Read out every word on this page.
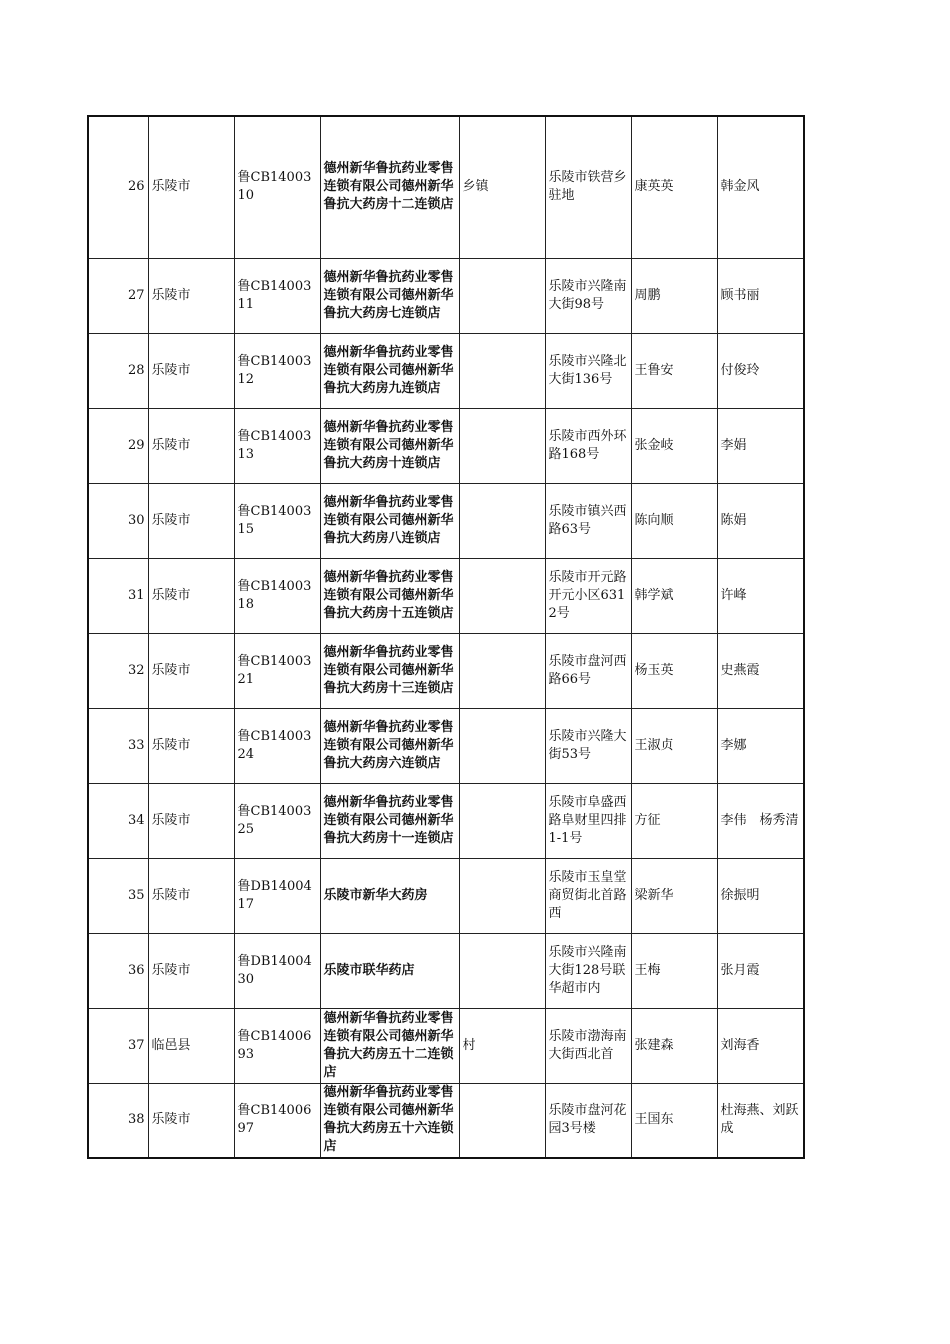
26	乐陵市	鲁CB1400310	德州新华鲁抗药业零售连锁有限公司德州新华鲁抗大药房十二连锁店	乡镇	乐陵市铁营乡驻地	康英英	韩金风
27	乐陵市	鲁CB1400311	德州新华鲁抗药业零售连锁有限公司德州新华鲁抗大药房七连锁店		乐陵市兴隆南大街98号	周鹏	顾书丽
28	乐陵市	鲁CB1400312	德州新华鲁抗药业零售连锁有限公司德州新华鲁抗大药房九连锁店		乐陵市兴隆北大街136号	王鲁安	付俊玲
29	乐陵市	鲁CB1400313	德州新华鲁抗药业零售连锁有限公司德州新华鲁抗大药房十连锁店		乐陵市西外环路168号	张金岐	李娟
30	乐陵市	鲁CB1400315	德州新华鲁抗药业零售连锁有限公司德州新华鲁抗大药房八连锁店		乐陵市镇兴西路63号	陈向顺	陈娟
31	乐陵市	鲁CB1400318	德州新华鲁抗药业零售连锁有限公司德州新华鲁抗大药房十五连锁店		乐陵市开元路开元小区6312号	韩学斌	许峰
32	乐陵市	鲁CB1400321	德州新华鲁抗药业零售连锁有限公司德州新华鲁抗大药房十三连锁店		乐陵市盘河西路66号	杨玉英	史燕霞
33	乐陵市	鲁CB1400324	德州新华鲁抗药业零售连锁有限公司德州新华鲁抗大药房六连锁店		乐陵市兴隆大街53号	王淑贞	李娜
34	乐陵市	鲁CB1400325	德州新华鲁抗药业零售连锁有限公司德州新华鲁抗大药房十一连锁店		乐陵市阜盛西路阜财里四排1-1号	方征	李伟　杨秀清
35	乐陵市	鲁DB1400417	乐陵市新华大药房		乐陵市玉皇堂商贸街北首路西	梁新华	徐振明
36	乐陵市	鲁DB1400430	乐陵市联华药店		乐陵市兴隆南大街128号联华超市内	王梅	张月霞
37	临邑县	鲁CB1400693	德州新华鲁抗药业零售连锁有限公司德州新华鲁抗大药房五十二连锁店	村	乐陵市渤海南大街西北首	张建森	刘海香
38	乐陵市	鲁CB1400697	德州新华鲁抗药业零售连锁有限公司德州新华鲁抗大药房五十六连锁店		乐陵市盘河花园3号楼	王国东	杜海燕、刘跃成
